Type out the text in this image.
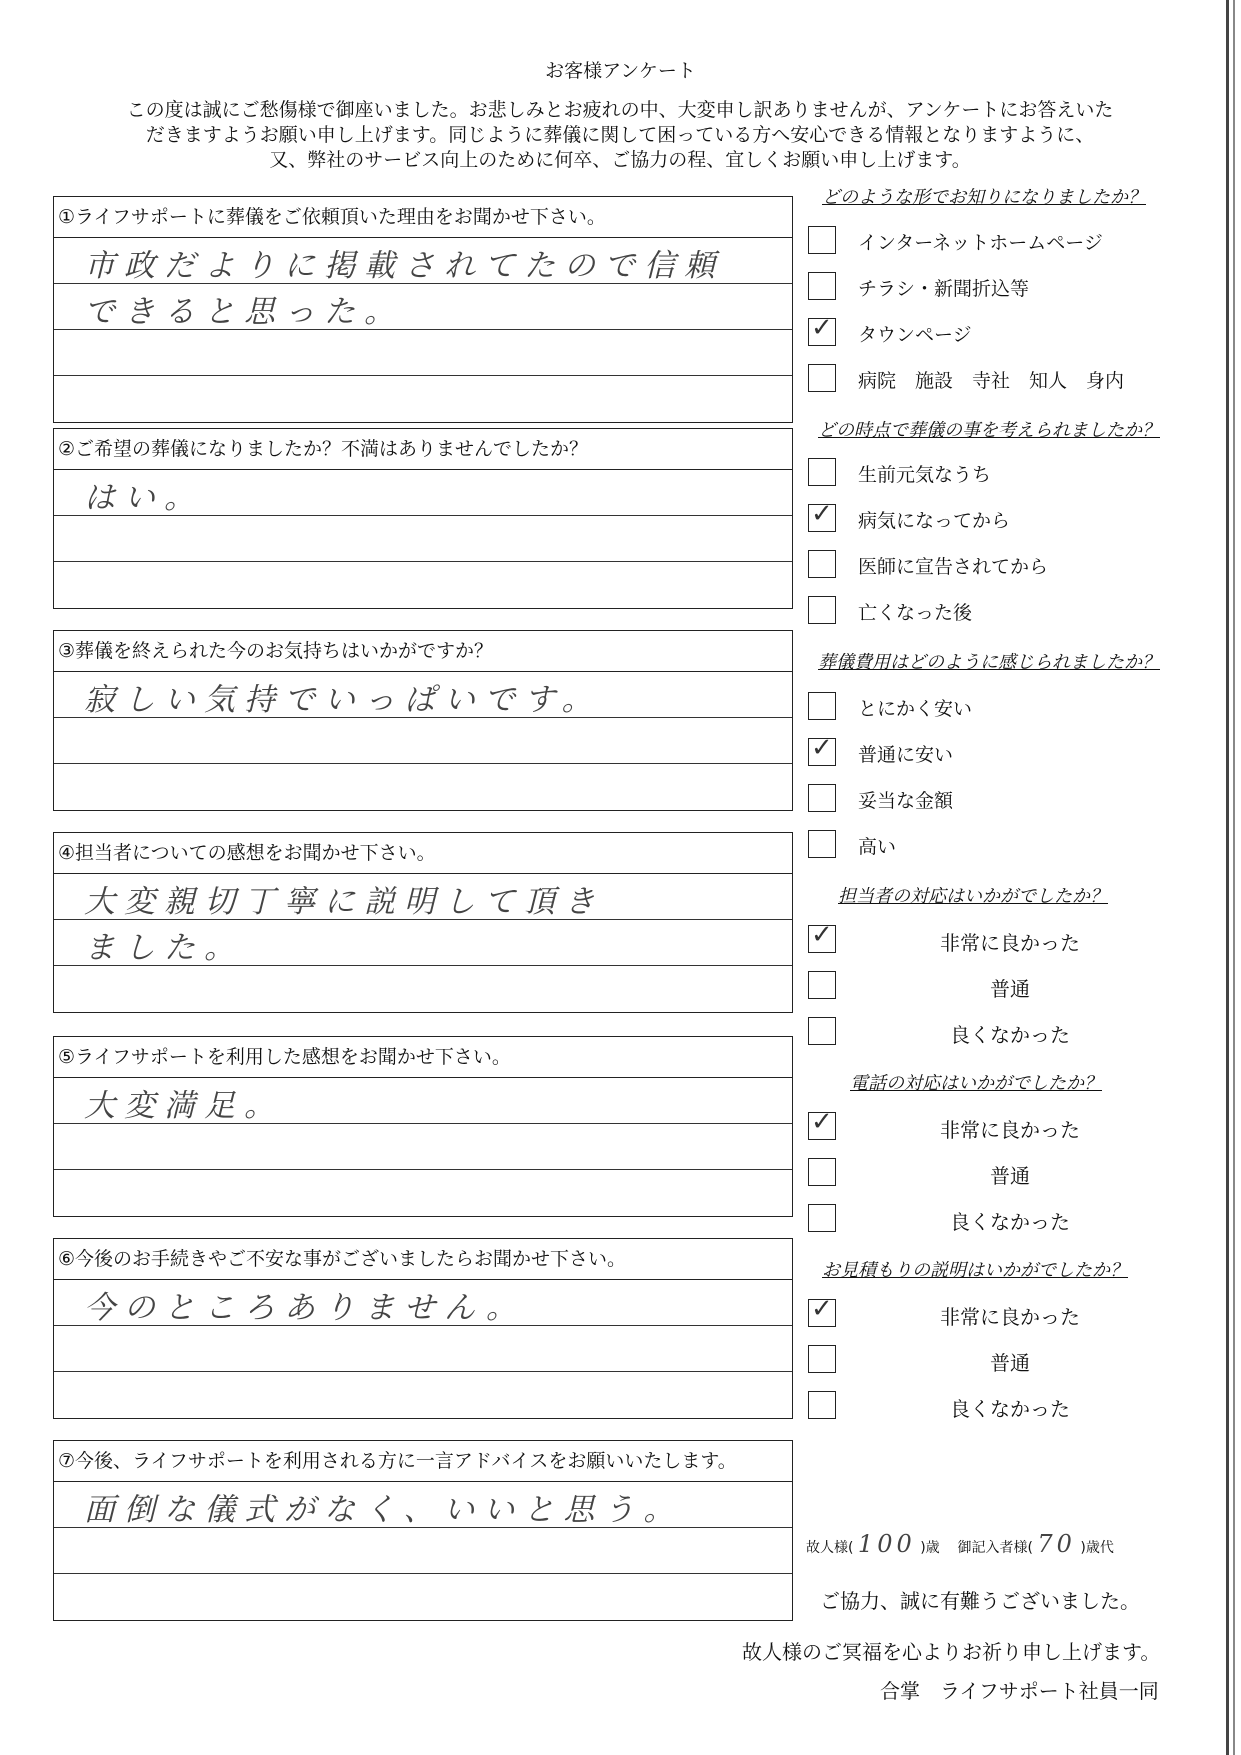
お客様アンケート
この度は誠にご愁傷様で御座いました。お悲しみとお疲れの中、大変申し訳ありませんが、アンケートにお答えいた
だきますようお願い申し上げます。同じように葬儀に関して困っている方へ安心できる情報となりますように、
又、弊社のサービス向上のために何卒、ご協力の程、宜しくお願い申し上げます。
①ライフサポートに葬儀をご依頼頂いた理由をお聞かせ下さい。
市政だよりに掲載されてたので信頼
できると思った。
②ご希望の葬儀になりましたか？不満はありませんでしたか？
はい。
③葬儀を終えられた今のお気持ちはいかがですか？
寂しい気持でいっぱいです。
④担当者についての感想をお聞かせ下さい。
大変親切丁寧に説明して頂き
ました。
⑤ライフサポートを利用した感想をお聞かせ下さい。
大変満足。
⑥今後のお手続きやご不安な事がございましたらお聞かせ下さい。
今のところありません。
⑦今後、ライフサポートを利用される方に一言アドバイスをお願いいたします。
面倒な儀式がなく、いいと思う。
どのような形でお知りになりましたか？
インターネットホームページ
チラシ・新聞折込等
✓ タウンページ
病院　施設　寺社　知人　身内
どの時点で葬儀の事を考えられましたか？
生前元気なうち
✓ 病気になってから
医師に宣告されてから
亡くなった後
葬儀費用はどのように感じられましたか？
とにかく安い
✓ 普通に安い
妥当な金額
高い
担当者の対応はいかがでしたか？
✓	非常に良かった
普通
良くなかった
電話の対応はいかがでしたか？
✓	非常に良かった
普通
良くなかった
お見積もりの説明はいかがでしたか？
✓	非常に良かった
普通
良くなかった
故人様( 100 )歳 御記入者様( 70 )歳代
ご協力、誠に有難うございました。
故人様のご冥福を心よりお祈り申し上げます。
合掌　ライフサポート社員一同
